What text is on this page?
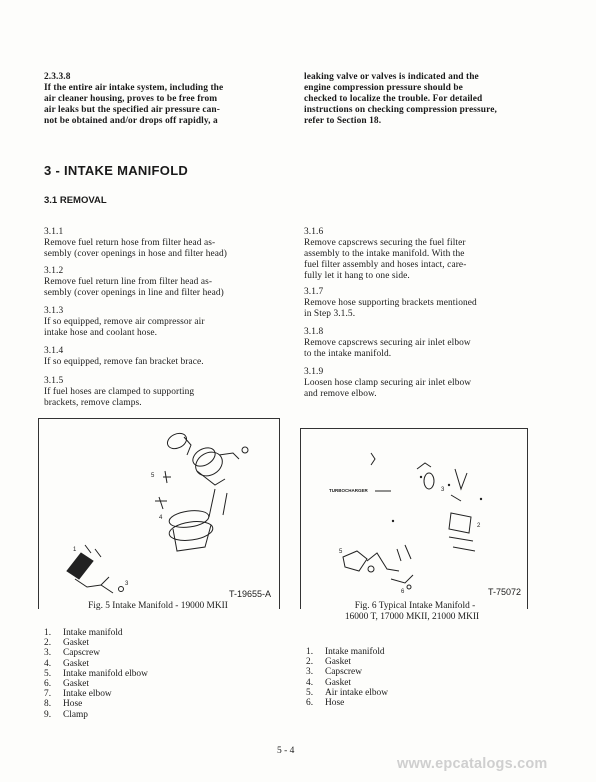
2.3.3.8
If the entire air intake system, including the
air cleaner housing, proves to be free from
air leaks but the specified air pressure can-
not be obtained and/or drops off rapidly, a
leaking valve or valves is indicated and the
engine compression pressure should be
checked to localize the trouble. For detailed
instructions on checking compression pressure,
refer to Section 18.
3 - INTAKE MANIFOLD
3.1 REMOVAL
3.1.1
Remove fuel return hose from filter head as-
sembly (cover openings in hose and filter head)
3.1.2
Remove fuel return line from filter head as-
sembly (cover openings in line and filter head)
3.1.3
If so equipped, remove air compressor air
intake hose and coolant hose.
3.1.4
If so equipped, remove fan bracket brace.
3.1.5
If fuel hoses are clamped to supporting
brackets, remove clamps.
3.1.6
Remove capscrews securing the fuel filter
assembly to the intake manifold. With the
fuel filter assembly and hoses intact, care-
fully let it hang to one side.
3.1.7
Remove hose supporting brackets mentioned
in Step 3.1.5.
3.1.8
Remove capscrews securing air inlet elbow
to the intake manifold.
3.1.9
Loosen hose clamp securing air inlet elbow
and remove elbow.
5
4
1
3
T-19655-A
Fig. 5 Intake Manifold - 19000 MKII
1. Intake manifold
2. Gasket
3. Capscrew
4. Gasket
5. Intake manifold elbow
6. Gasket
7. Intake elbow
8. Hose
9. Clamp
3
2
5
6
TURBOCHARGER
T-75072
Fig. 6 Typical Intake Manifold -
16000 T, 17000 MKII, 21000 MKII
1. Intake manifold
2. Gasket
3. Capscrew
4. Gasket
5. Air intake elbow
6. Hose
5 - 4
www.epcatalogs.com
